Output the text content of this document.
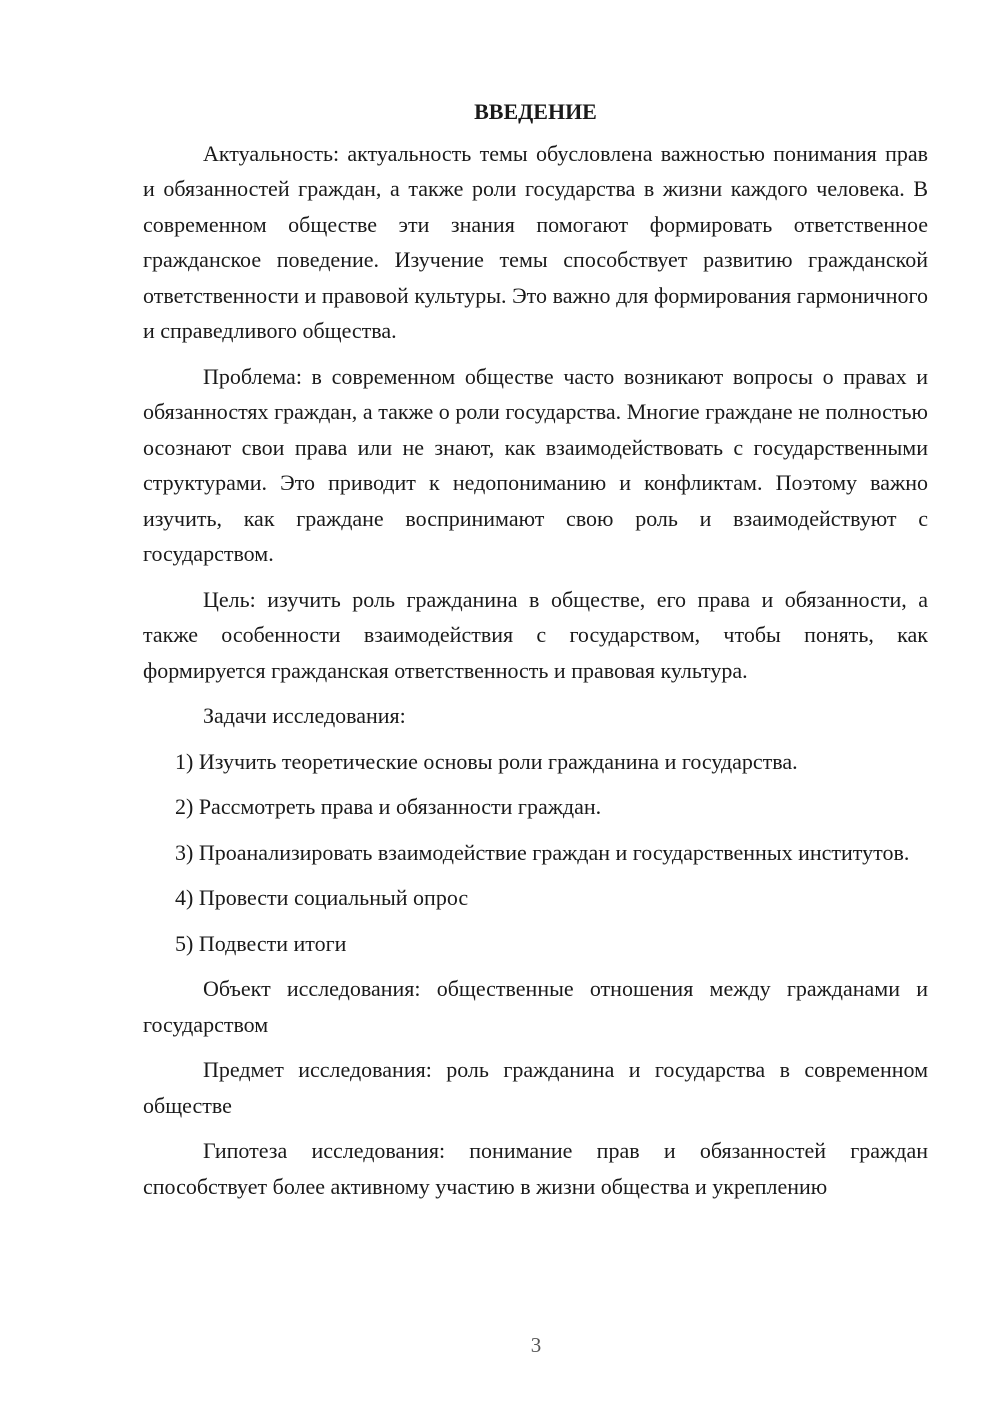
ВВЕДЕНИЕ

Актуальность: актуальность темы обусловлена важностью понимания прав и обязанностей граждан, а также роли государства в жизни каждого человека. В современном обществе эти знания помогают формировать ответственное гражданское поведение. Изучение темы способствует развитию гражданской ответственности и правовой культуры. Это важно для формирования гармоничного и справедливого общества.

Проблема: в современном обществе часто возникают вопросы о правах и обязанностях граждан, а также о роли государства. Многие граждане не полностью осознают свои права или не знают, как взаимодействовать с государственными структурами. Это приводит к недопониманию и конфликтам. Поэтому важно изучить, как граждане воспринимают свою роль и взаимодействуют с государством.

Цель: изучить роль гражданина в обществе, его права и обязанности, а также особенности взаимодействия с государством, чтобы понять, как формируется гражданская ответственность и правовая культура.

Задачи исследования:

1) Изучить теоретические основы роли гражданина и государства.

2) Рассмотреть права и обязанности граждан.

3) Проанализировать взаимодействие граждан и государственных институтов.

4) Провести социальный опрос

5) Подвести итоги

Объект исследования: общественные отношения между гражданами и государством

Предмет исследования: роль гражданина и государства в современном обществе

Гипотеза исследования: понимание прав и обязанностей граждан способствует более активному участию в жизни общества и укреплению

3
